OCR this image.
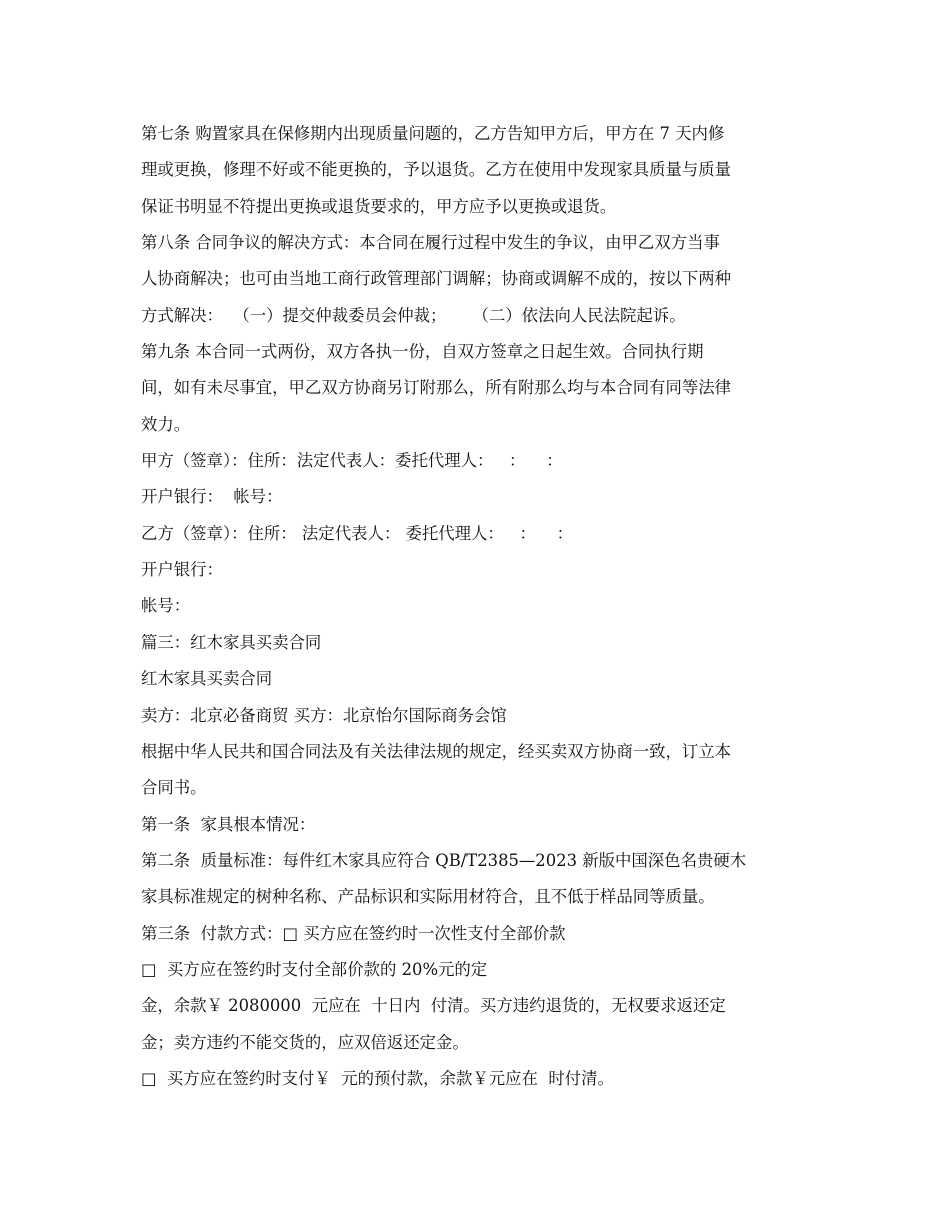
第七条 购置家具在保修期内出现质量问题的，乙方告知甲方后，甲方在 7 天内修
理或更换，修理不好或不能更换的，予以退货。乙方在使用中发现家具质量与质量
保证书明显不符提出更换或退货要求的，甲方应予以更换或退货。
第八条 合同争议的解决方式：本合同在履行过程中发生的争议，由甲乙双方当事
人协商解决；也可由当地工商行政管理部门调解；协商或调解不成的，按以下两种
方式解决：  （一）提交仲裁委员会仲裁；     （二）依法向人民法院起诉。
第九条 本合同一式两份，双方各执一份，自双方签章之日起生效。合同执行期
间，如有未尽事宜，甲乙双方协商另订附那么，所有附那么均与本合同有同等法律
效力。
甲方（签章）：住所：法定代表人：委托代理人：   ：    ：
开户银行：  帐号：
乙方（签章）：住所： 法定代表人： 委托代理人：   ：    ：
开户银行：
帐号：
篇三：红木家具买卖合同
红木家具买卖合同
卖方：北京必备商贸 买方：北京怡尔国际商务会馆
根据中华人民共和国合同法及有关法律法规的规定，经买卖双方协商一致，订立本
合同书。
第一条  家具根本情况：
第二条  质量标准：每件红木家具应符合 QB/T2385—2023 新版中国深色名贵硬木
家具标准规定的树种名称、产品标识和实际用材符合，且不低于样品同等质量。
第三条  付款方式：□ 买方应在签约时一次性支付全部价款
□  买方应在签约时支付全部价款的 20%元的定
金，余款￥ 2080000  元应在  十日内  付清。买方违约退货的，无权要求返还定
金；卖方违约不能交货的，应双倍返还定金。
□  买方应在签约时支付￥  元的预付款，余款￥元应在  时付清。
